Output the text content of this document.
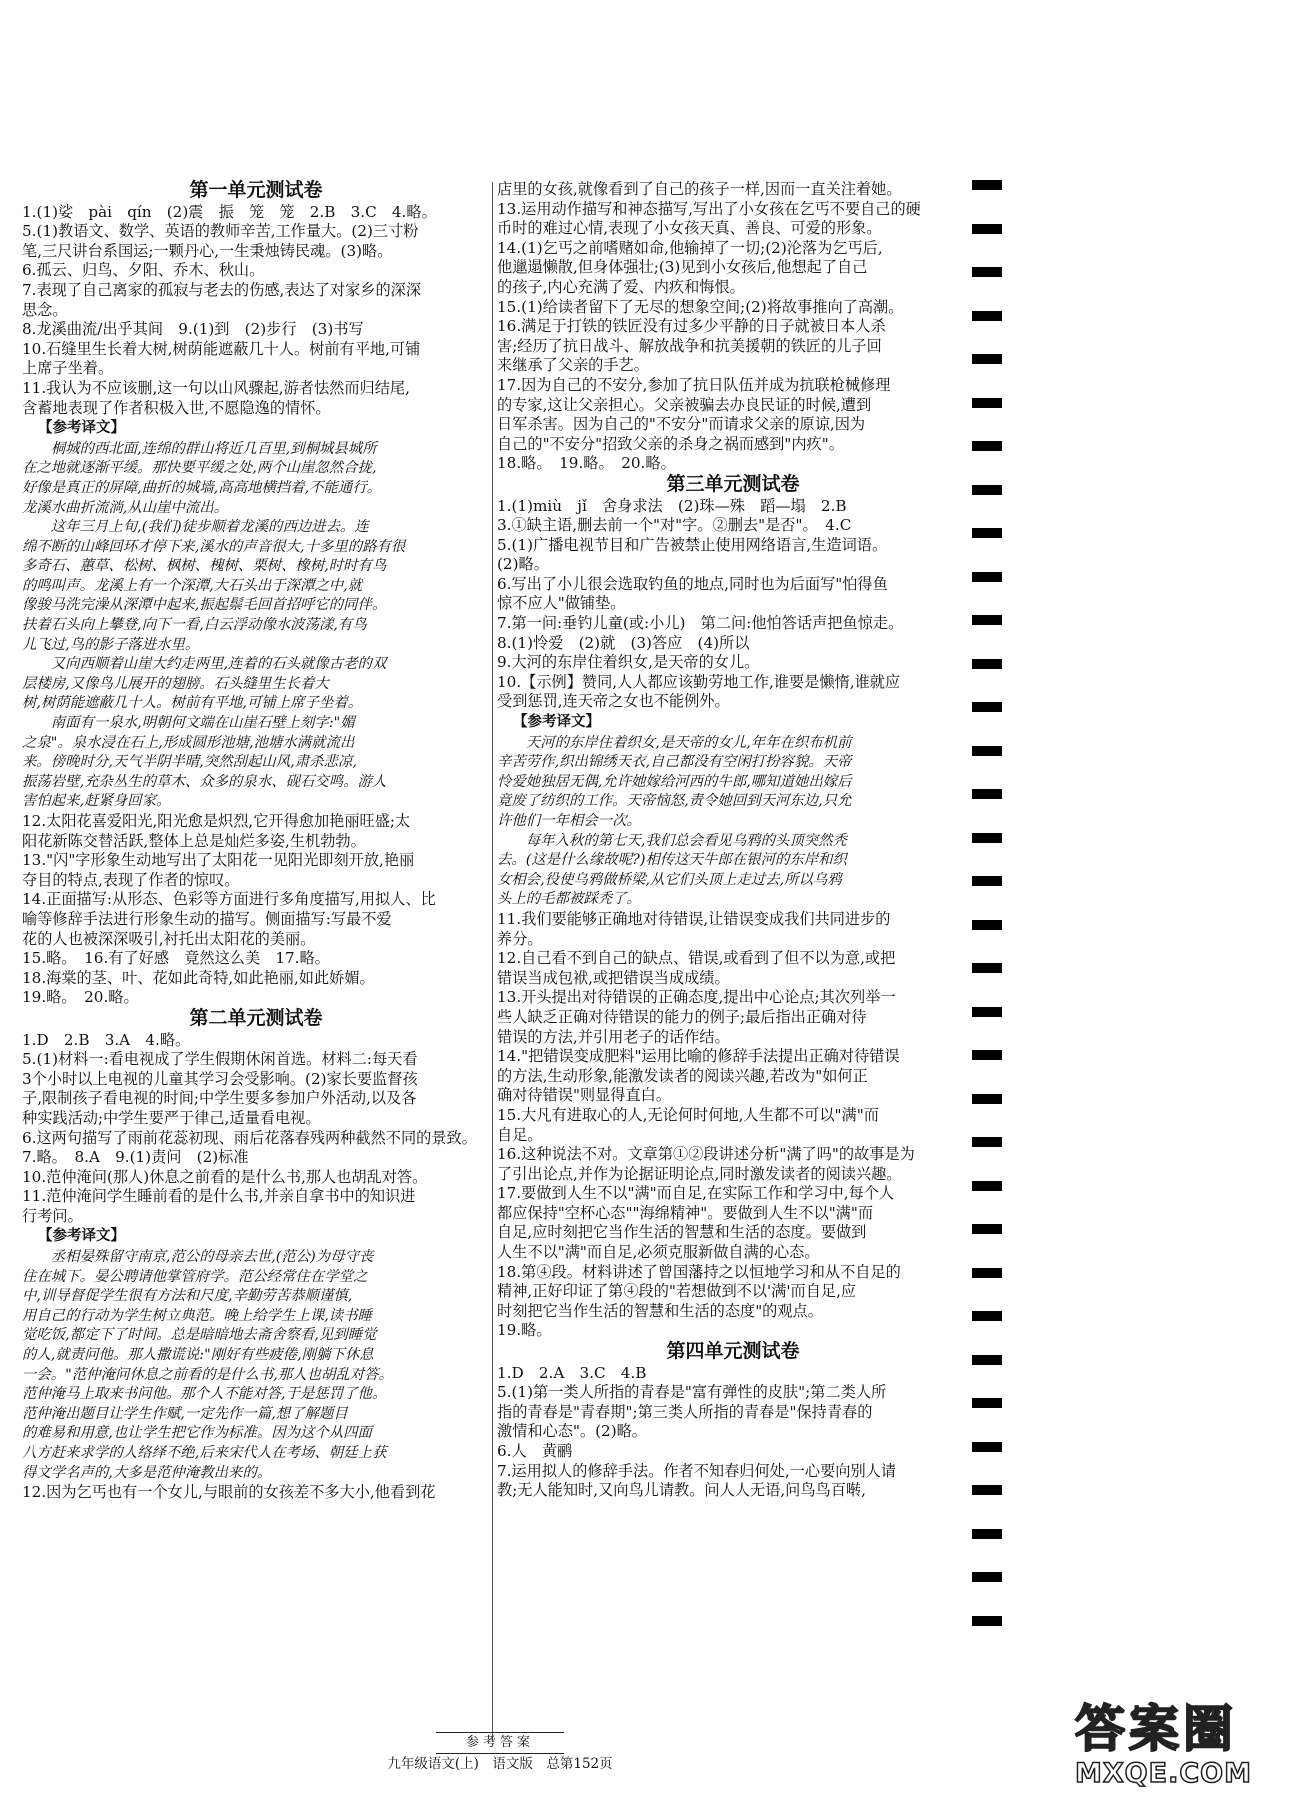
第一单元测试卷
1.(1)娑　pài　qín　(2)震　振　笼　笼　2.B　3.C　4.略。
5.(1)教语文、数学、英语的教师辛苦,工作量大。(2)三寸粉
笔,三尺讲台系国运;一颗丹心,一生秉烛铸民魂。(3)略。
6.孤云、归鸟、夕阳、乔木、秋山。
7.表现了自己离家的孤寂与老去的伤感,表达了对家乡的深深
思念。
8.龙溪曲流/出乎其间　9.(1)到　(2)步行　(3)书写
10.石缝里生长着大树,树荫能遮蔽几十人。树前有平地,可铺
上席子坐着。
11.我认为不应该删,这一句以山风骤起,游者怯然而归结尾,
含蓄地表现了作者积极入世,不愿隐逸的情怀。
【参考译文】
　　桐城的西北面,连绵的群山将近几百里,到桐城县城所
在之地就逐渐平缓。那快要平缓之处,两个山崖忽然合拢,
好像是真正的屏障,曲折的城墙,高高地横挡着,不能通行。
龙溪水曲折流淌,从山崖中流出。
　　这年三月上旬,(我们)徒步顺着龙溪的西边进去。连
绵不断的山峰回环才停下来,溪水的声音很大,十多里的路有很
多奇石、蕙草、松树、枫树、槐树、栗树、橡树,时时有鸟
的鸣叫声。龙溪上有一个深潭,大石头出于深潭之中,就
像骏马洗完澡从深潭中起来,振起鬃毛回首招呼它的同伴。
扶着石头向上攀登,向下一看,白云浮动像水波荡漾,有鸟
儿飞过,鸟的影子落进水里。
　　又向西顺着山崖大约走两里,连着的石头就像古老的双
层楼房,又像鸟儿展开的翅膀。石头缝里生长着大
树,树荫能遮蔽几十人。树前有平地,可铺上席子坐着。
　　南面有一泉水,明朝何文端在山崖石壁上刻字:"媚
之泉"。泉水浸在石上,形成圆形池塘,池塘水满就流出
来。傍晚时分,天气半阴半晴,突然刮起山风,肃杀悲凉,
振荡岩壁,充杂丛生的草木、众多的泉水、砚石交鸣。游人
害怕起来,赶紧身回家。
12.太阳花喜爱阳光,阳光愈是炽烈,它开得愈加艳丽旺盛;太
阳花新陈交替活跃,整体上总是灿烂多姿,生机勃勃。
13."闪"字形象生动地写出了太阳花一见阳光即刻开放,艳丽
夺目的特点,表现了作者的惊叹。
14.正面描写:从形态、色彩等方面进行多角度描写,用拟人、比
喻等修辞手法进行形象生动的描写。侧面描写:写最不爱
花的人也被深深吸引,衬托出太阳花的美丽。
15.略。　16.有了好感　竟然这么美　17.略。
18.海棠的茎、叶、花如此奇特,如此艳丽,如此娇媚。
19.略。　20.略。
第二单元测试卷
1.D　2.B　3.A　4.略。
5.(1)材料一:看电视成了学生假期休闲首选。材料二:每天看
3个小时以上电视的儿童其学习会受影响。(2)家长要监督孩
子,限制孩子看电视的时间;中学生要多参加户外活动,以及各
种实践活动;中学生要严于律己,适量看电视。
6.这两句描写了雨前花蕊初现、雨后花落春残两种截然不同的景致。
7.略。　8.A　9.(1)责问　(2)标准
10.范仲淹问(那人)休息之前看的是什么书,那人也胡乱对答。
11.范仲淹问学生睡前看的是什么书,并亲自拿书中的知识进
行考问。
【参考译文】
　　丞相晏殊留守南京,范公的母亲去世,(范公)为母守丧
住在城下。晏公聘请他掌管府学。范公经常住在学堂之
中,训导督促学生很有方法和尺度,辛勤劳苦恭顺谨慎,
用自己的行动为学生树立典范。晚上给学生上课,读书睡
觉吃饭,都定下了时间。总是暗暗地去斋舍察看,见到睡觉
的人,就责问他。那人撒谎说:"刚好有些疲倦,刚躺下休息
一会。"范仲淹问休息之前看的是什么书,那人也胡乱对答。
范仲淹马上取来书问他。那个人不能对答,于是惩罚了他。
范仲淹出题目让学生作赋,一定先作一篇,想了解题目
的难易和用意,也让学生把它作为标准。因为这个从四面
八方赶来求学的人络绎不绝,后来宋代人在考场、朝廷上获
得文学名声的,大多是范仲淹教出来的。
12.因为乞丐也有一个女儿,与眼前的女孩差不多大小,他看到花
店里的女孩,就像看到了自己的孩子一样,因而一直关注着她。
13.运用动作描写和神态描写,写出了小女孩在乞丐不要自己的硬
币时的难过心情,表现了小女孩天真、善良、可爱的形象。
14.(1)乞丐之前嗜赌如命,他输掉了一切;(2)沦落为乞丐后,
他邋遢懒散,但身体强壮;(3)见到小女孩后,他想起了自己
的孩子,内心充满了爱、内疚和悔恨。
15.(1)给读者留下了无尽的想象空间;(2)将故事推向了高潮。
16.满足于打铁的铁匠没有过多少平静的日子就被日本人杀
害;经历了抗日战斗、解放战争和抗美援朝的铁匠的儿子回
来继承了父亲的手艺。
17.因为自己的不安分,参加了抗日队伍并成为抗联枪械修理
的专家,这让父亲担心。父亲被骗去办良民证的时候,遭到
日军杀害。因为自己的"不安分"而请求父亲的原谅,因为
自己的"不安分"招致父亲的杀身之祸而感到"内疚"。
18.略。　19.略。　20.略。
第三单元测试卷
1.(1)miù　jǐ　舍身求法　(2)珠—殊　蹈—塌　2.B
3.①缺主语,删去前一个"对"字。②删去"是否"。　4.C
5.(1)广播电视节目和广告被禁止使用网络语言,生造词语。
(2)略。
6.写出了小儿很会选取钓鱼的地点,同时也为后面写"怕得鱼
惊不应人"做铺垫。
7.第一问:垂钓儿童(或:小儿)　第二问:他怕答话声把鱼惊走。
8.(1)怜爱　(2)就　(3)答应　(4)所以
9.大河的东岸住着织女,是天帝的女儿。
10.【示例】赞同,人人都应该勤劳地工作,谁要是懒惰,谁就应
受到惩罚,连天帝之女也不能例外。
【参考译文】
　　天河的东岸住着织女,是天帝的女儿,年年在织布机前
辛苦劳作,织出锦绣天衣,自己都没有空闲打扮容貌。天帝
怜爱她独居无偶,允许她嫁给河西的牛郎,哪知道她出嫁后
竟废了纺织的工作。天帝恼怒,责令她回到天河东边,只允
许他们一年相会一次。
　　每年入秋的第七天,我们总会看见乌鸦的头顶突然秃
去。(这是什么缘故呢?)相传这天牛郎在银河的东岸和织
女相会,役使乌鸦做桥梁,从它们头顶上走过去,所以乌鸦
头上的毛都被踩秃了。
11.我们要能够正确地对待错误,让错误变成我们共同进步的
养分。
12.自己看不到自己的缺点、错误,或看到了但不以为意,或把
错误当成包袱,或把错误当成成绩。
13.开头提出对待错误的正确态度,提出中心论点;其次列举一
些人缺乏正确对待错误的能力的例子;最后指出正确对待
错误的方法,并引用老子的话作结。
14."把错误变成肥料"运用比喻的修辞手法提出正确对待错误
的方法,生动形象,能激发读者的阅读兴趣,若改为"如何正
确对待错误"则显得直白。
15.大凡有进取心的人,无论何时何地,人生都不可以"满"而
自足。
16.这种说法不对。文章第①②段讲述分析"满了吗"的故事是为
了引出论点,并作为论据证明论点,同时激发读者的阅读兴趣。
17.要做到人生不以"满"而自足,在实际工作和学习中,每个人
都应保持"空杯心态""海绵精神"。要做到人生不以"满"而
自足,应时刻把它当作生活的智慧和生活的态度。要做到
人生不以"满"而自足,必须克服新做自满的心态。
18.第④段。材料讲述了曾国藩持之以恒地学习和从不自足的
精神,正好印证了第④段的"若想做到不以'满'而自足,应
时刻把它当作生活的智慧和生活的态度"的观点。
19.略。
第四单元测试卷
1.D　2.A　3.C　4.B
5.(1)第一类人所指的青春是"富有弹性的皮肤";第二类人所
指的青春是"青春期";第三类人所指的青春是"保持青春的
激情和心态"。(2)略。
6.人　黄鹂
7.运用拟人的修辞手法。作者不知春归何处,一心要向别人请
教;无人能知时,又向鸟儿请教。问人人无语,问鸟鸟百啭,
参考答案
九年级语文(上)　语文版　总第152页
答案圈
MXQE.COM
